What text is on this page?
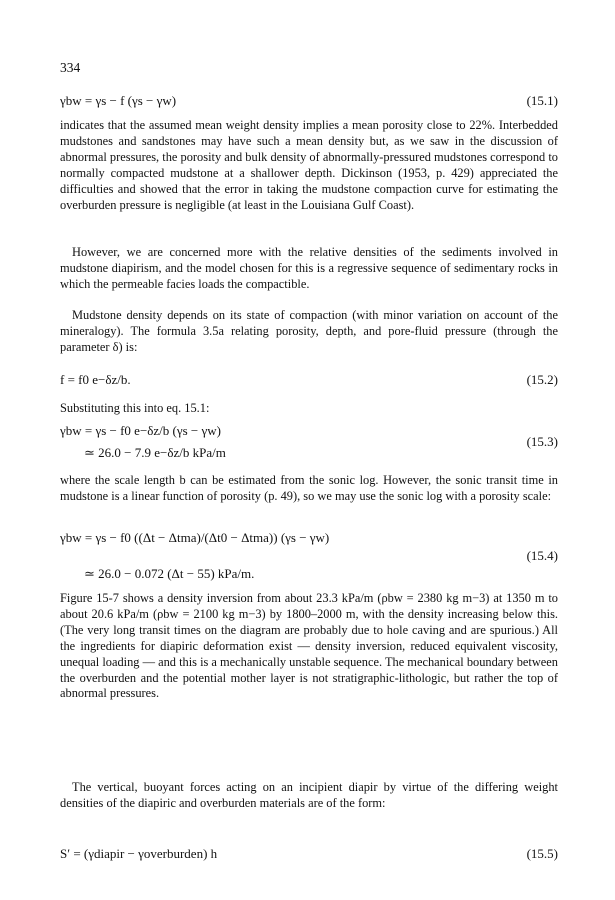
334
γbw = γs − f (γs − γw)	(15.1)

indicates that the assumed mean weight density implies a mean porosity close to 22%. Interbedded mudstones and sandstones may have such a mean density but, as we saw in the discussion of abnormal pressures, the porosity and bulk density of abnormally-pressured mudstones correspond to normally compacted mudstone at a shallower depth. Dickinson (1953, p. 429) appreciated the difficulties and showed that the error in taking the mudstone compaction curve for estimating the overburden pressure is negligible (at least in the Louisiana Gulf Coast).

However, we are concerned more with the relative densities of the sediments involved in mudstone diapirism, and the model chosen for this is a regressive sequence of sedimentary rocks in which the permeable facies loads the compactible.

Mudstone density depends on its state of compaction (with minor variation on account of the mineralogy). The formula 3.5a relating porosity, depth, and pore-fluid pressure (through the parameter δ) is:

f = f0 e−δz/b.	(15.2)

Substituting this into eq. 15.1:

γbw = γs − f0 e−δz/b (γs − γw)
≃ 26.0 − 7.9 e−δz/b kPa/m
(15.3)

where the scale length b can be estimated from the sonic log. However, the sonic transit time in mudstone is a linear function of porosity (p. 49), so we may use the sonic log with a porosity scale:

γbw = γs − f0 ((Δt − Δtma)/(Δt0 − Δtma)) (γs − γw)
≃ 26.0 − 0.072 (Δt − 55) kPa/m.
(15.4)

Figure 15-7 shows a density inversion from about 23.3 kPa/m (ρbw = 2380 kg m−3) at 1350 m to about 20.6 kPa/m (ρbw = 2100 kg m−3) by 1800–2000 m, with the density increasing below this. (The very long transit times on the diagram are probably due to hole caving and are spurious.) All the ingredients for diapiric deformation exist — density inversion, reduced equivalent viscosity, unequal loading — and this is a mechanically unstable sequence. The mechanical boundary between the overburden and the potential mother layer is not stratigraphic-lithologic, but rather the top of abnormal pressures.

The vertical, buoyant forces acting on an incipient diapir by virtue of the differing weight densities of the diapiric and overburden materials are of the form:

S′ = (γdiapir − γoverburden) h	(15.5)
